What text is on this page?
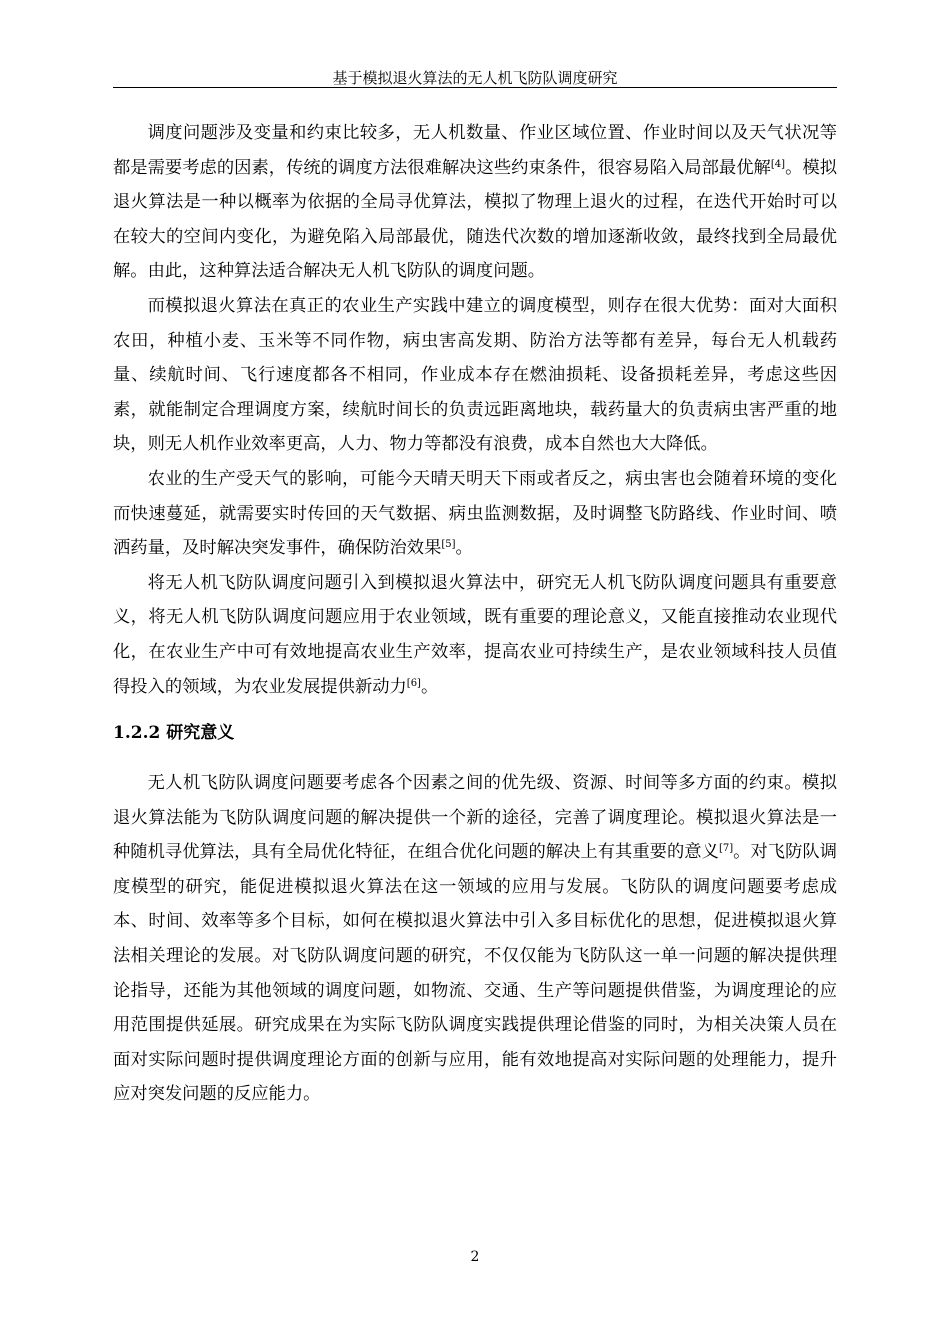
基于模拟退火算法的无人机飞防队调度研究

调度问题涉及变量和约束比较多，无人机数量、作业区域位置、作业时间以及天气状况等都是需要考虑的因素，传统的调度方法很难解决这些约束条件，很容易陷入局部最优解[4]。模拟退火算法是一种以概率为依据的全局寻优算法，模拟了物理上退火的过程，在迭代开始时可以在较大的空间内变化，为避免陷入局部最优，随迭代次数的增加逐渐收敛，最终找到全局最优解。由此，这种算法适合解决无人机飞防队的调度问题。

而模拟退火算法在真正的农业生产实践中建立的调度模型，则存在很大优势：面对大面积农田，种植小麦、玉米等不同作物，病虫害高发期、防治方法等都有差异，每台无人机载药量、续航时间、飞行速度都各不相同，作业成本存在燃油损耗、设备损耗差异，考虑这些因素，就能制定合理调度方案，续航时间长的负责远距离地块，载药量大的负责病虫害严重的地块，则无人机作业效率更高，人力、物力等都没有浪费，成本自然也大大降低。

农业的生产受天气的影响，可能今天晴天明天下雨或者反之，病虫害也会随着环境的变化而快速蔓延，就需要实时传回的天气数据、病虫监测数据，及时调整飞防路线、作业时间、喷洒药量，及时解决突发事件，确保防治效果[5]。

将无人机飞防队调度问题引入到模拟退火算法中，研究无人机飞防队调度问题具有重要意义，将无人机飞防队调度问题应用于农业领域，既有重要的理论意义，又能直接推动农业现代化，在农业生产中可有效地提高农业生产效率，提高农业可持续生产，是农业领域科技人员值得投入的领域，为农业发展提供新动力[6]。

1.2.2 研究意义

无人机飞防队调度问题要考虑各个因素之间的优先级、资源、时间等多方面的约束。模拟退火算法能为飞防队调度问题的解决提供一个新的途径，完善了调度理论。模拟退火算法是一种随机寻优算法，具有全局优化特征，在组合优化问题的解决上有其重要的意义[7]。对飞防队调度模型的研究，能促进模拟退火算法在这一领域的应用与发展。飞防队的调度问题要考虑成本、时间、效率等多个目标，如何在模拟退火算法中引入多目标优化的思想，促进模拟退火算法相关理论的发展。对飞防队调度问题的研究，不仅仅能为飞防队这一单一问题的解决提供理论指导，还能为其他领域的调度问题，如物流、交通、生产等问题提供借鉴，为调度理论的应用范围提供延展。研究成果在为实际飞防队调度实践提供理论借鉴的同时，为相关决策人员在面对实际问题时提供调度理论方面的创新与应用，能有效地提高对实际问题的处理能力，提升应对突发问题的反应能力。

2
